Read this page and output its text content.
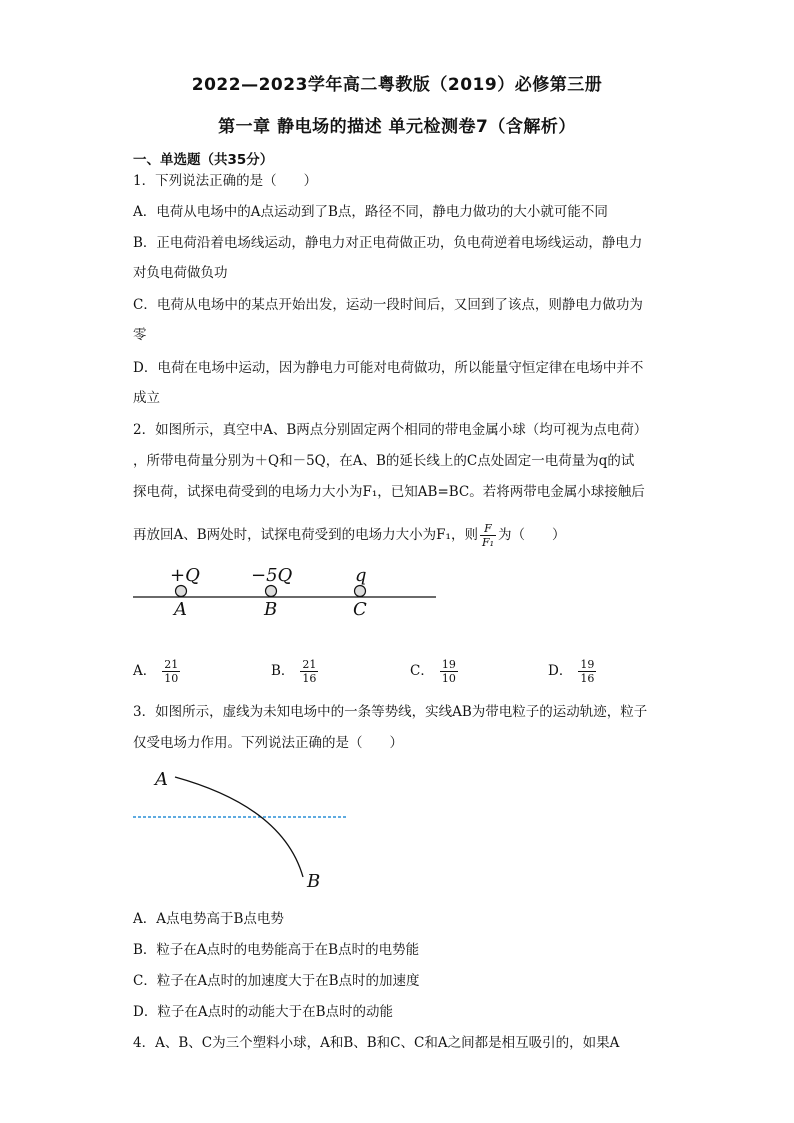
2022—2023学年高二粤教版（2019）必修第三册
第一章 静电场的描述 单元检测卷7（含解析）
一、单选题（共35分）
1．下列说法正确的是（　　）
A．电荷从电场中的A点运动到了B点，路径不同，静电力做功的大小就可能不同
B．正电荷沿着电场线运动，静电力对正电荷做正功，负电荷逆着电场线运动，静电力
对负电荷做负功
C．电荷从电场中的某点开始出发，运动一段时间后，又回到了该点，则静电力做功为
零
D．电荷在电场中运动，因为静电力可能对电荷做功，所以能量守恒定律在电场中并不
成立
2．如图所示，真空中A、B两点分别固定两个相同的带电金属小球（均可视为点电荷）
，所带电荷量分别为＋Q和－5Q，在A、B的延长线上的C点处固定一电荷量为q的试
探电荷，试探电荷受到的电场力大小为F₁，已知AB=BC。若将两带电金属小球接触后
再放回A、B两处时，试探电荷受到的电场力大小为F₁，则 $\frac{F}{\text{F₁}}$ 为（　　）
+Q	−5Q	q
A	B	C
A． $\frac{21}{10}$	B． $\frac{21}{16}$	C． $\frac{19}{10}$	D． $\frac{19}{16}$
3．如图所示，虚线为未知电场中的一条等势线，实线AB为带电粒子的运动轨迹，粒子
仅受电场力作用。下列说法正确的是（　　）
A
B
A．A点电势高于B点电势
B．粒子在A点时的电势能高于在B点时的电势能
C．粒子在A点时的加速度大于在B点时的加速度
D．粒子在A点时的动能大于在B点时的动能
4．A、B、C为三个塑料小球，A和B、B和C、C和A之间都是相互吸引的，如果A
